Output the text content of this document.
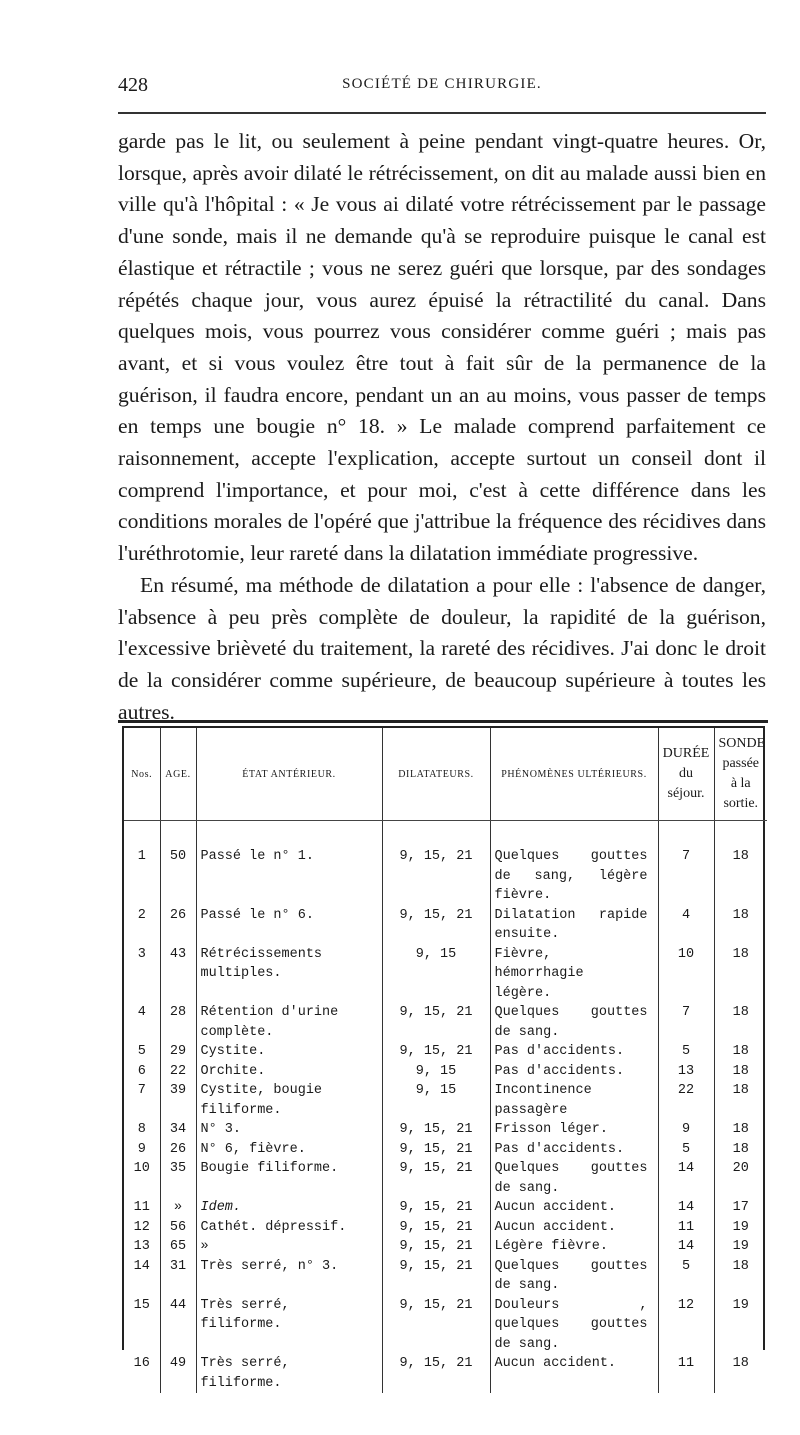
428	SOCIÉTÉ DE CHIRURGIE.

garde pas le lit, ou seulement à peine pendant vingt-quatre heures. Or, lorsque, après avoir dilaté le rétrécissement, on dit au malade aussi bien en ville qu'à l'hôpital : « Je vous ai dilaté votre rétrécissement par le passage d'une sonde, mais il ne demande qu'à se reproduire puisque le canal est élastique et rétractile ; vous ne serez guéri que lorsque, par des sondages répétés chaque jour, vous aurez épuisé la rétractilité du canal. Dans quelques mois, vous pourrez vous considérer comme guéri ; mais pas avant, et si vous voulez être tout à fait sûr de la permanence de la guérison, il faudra encore, pendant un an au moins, vous passer de temps en temps une bougie n° 18. » Le malade comprend parfaitement ce raisonnement, accepte l'explication, accepte surtout un conseil dont il comprend l'importance, et pour moi, c'est à cette différence dans les conditions morales de l'opéré que j'attribue la fréquence des récidives dans l'uréthrotomie, leur rareté dans la dilatation immédiate progressive.

En résumé, ma méthode de dilatation a pour elle : l'absence de danger, l'absence à peu près complète de douleur, la rapidité de la guérison, l'excessive brièveté du traitement, la rareté des récidives. J'ai donc le droit de la considérer comme supérieure, de beaucoup supérieure à toutes les autres.

Nos.	AGE.	ÉTAT ANTÉRIEUR.	DILATATEURS.	PHÉNOMÈNES ULTÉRIEURS.	DURÉE du séjour.	SONDE passée à la sortie.
1	50	Passé le n° 1.	9, 15, 21	Quelques gouttes de sang, légère fièvre.	7	18
2	26	Passé le n° 6.	9, 15, 21	Dilatation rapide ensuite.	4	18
3	43	Rétrécissements multiples.	9, 15	Fièvre, hémorrhagie légère.	10	18
4	28	Rétention d'urine complète.	9, 15, 21	Quelques gouttes de sang.	7	18
5	29	Cystite.	9, 15, 21	Pas d'accidents.	5	18
6	22	Orchite.	9, 15	Pas d'accidents.	13	18
7	39	Cystite, bougie filiforme.	9, 15	Incontinence passagère	22	18
8	34	N° 3.	9, 15, 21	Frisson léger.	9	18
9	26	N° 6, fièvre.	9, 15, 21	Pas d'accidents.	5	18
10	35	Bougie filiforme.	9, 15, 21	Quelques gouttes de sang.	14	20
11	»	Idem.	9, 15, 21	Aucun accident.	14	17
12	56	Cathét. dépressif.	9, 15, 21	Aucun accident.	11	19
13	65	»	9, 15, 21	Légère fièvre.	14	19
14	31	Très serré, n° 3.	9, 15, 21	Quelques gouttes de sang.	5	18
15	44	Très serré, filiforme.	9, 15, 21	Douleurs , quelques gouttes de sang.	12	19
16	49	Très serré, filiforme.	9, 15, 21	Aucun accident.	11	18
